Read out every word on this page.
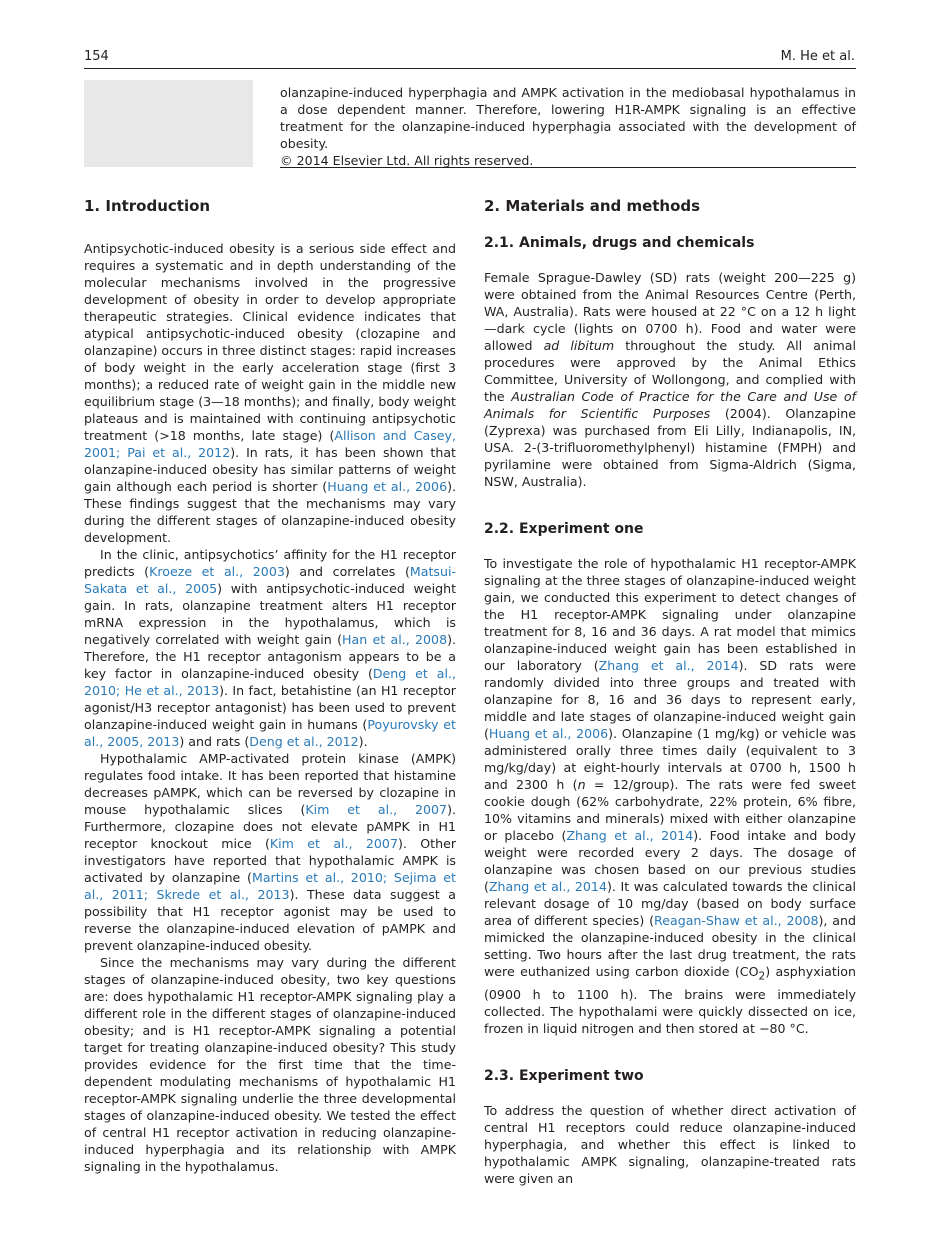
154	M. He et al.

olanzapine-induced hyperphagia and AMPK activation in the mediobasal hypothalamus in a dose dependent manner. Therefore, lowering H1R-AMPK signaling is an effective treatment for the olanzapine-induced hyperphagia associated with the development of obesity.

© 2014 Elsevier Ltd. All rights reserved.

1. Introduction

Antipsychotic-induced obesity is a serious side effect and requires a systematic and in depth understanding of the molecular mechanisms involved in the progressive development of obesity in order to develop appropriate therapeutic strategies. Clinical evidence indicates that atypical antipsychotic-induced obesity (clozapine and olanzapine) occurs in three distinct stages: rapid increases of body weight in the early acceleration stage (first 3 months); a reduced rate of weight gain in the middle new equilibrium stage (3—18 months); and finally, body weight plateaus and is maintained with continuing antipsychotic treatment (>18 months, late stage) (Allison and Casey, 2001; Pai et al., 2012). In rats, it has been shown that olanzapine-induced obesity has similar patterns of weight gain although each period is shorter (Huang et al., 2006). These findings suggest that the mechanisms may vary during the different stages of olanzapine-induced obesity development.

In the clinic, antipsychotics’ affinity for the H1 receptor predicts (Kroeze et al., 2003) and correlates (Matsui-Sakata et al., 2005) with antipsychotic-induced weight gain. In rats, olanzapine treatment alters H1 receptor mRNA expression in the hypothalamus, which is negatively correlated with weight gain (Han et al., 2008). Therefore, the H1 receptor antagonism appears to be a key factor in olanzapine-induced obesity (Deng et al., 2010; He et al., 2013). In fact, betahistine (an H1 receptor agonist/H3 receptor antagonist) has been used to prevent olanzapine-induced weight gain in humans (Poyurovsky et al., 2005, 2013) and rats (Deng et al., 2012).

Hypothalamic AMP-activated protein kinase (AMPK) regulates food intake. It has been reported that histamine decreases pAMPK, which can be reversed by clozapine in mouse hypothalamic slices (Kim et al., 2007). Furthermore, clozapine does not elevate pAMPK in H1 receptor knockout mice (Kim et al., 2007). Other investigators have reported that hypothalamic AMPK is activated by olanzapine (Martins et al., 2010; Sejima et al., 2011; Skrede et al., 2013). These data suggest a possibility that H1 receptor agonist may be used to reverse the olanzapine-induced elevation of pAMPK and prevent olanzapine-induced obesity.

Since the mechanisms may vary during the different stages of olanzapine-induced obesity, two key questions are: does hypothalamic H1 receptor-AMPK signaling play a different role in the different stages of olanzapine-induced obesity; and is H1 receptor-AMPK signaling a potential target for treating olanzapine-induced obesity? This study provides evidence for the first time that the time-dependent modulating mechanisms of hypothalamic H1 receptor-AMPK signaling underlie the three developmental stages of olanzapine-induced obesity. We tested the effect of central H1 receptor activation in reducing olanzapine-induced hyperphagia and its relationship with AMPK signaling in the hypothalamus.

2. Materials and methods
2.1. Animals, drugs and chemicals

Female Sprague-Dawley (SD) rats (weight 200—225 g) were obtained from the Animal Resources Centre (Perth, WA, Australia). Rats were housed at 22 °C on a 12 h light—dark cycle (lights on 0700 h). Food and water were allowed ad libitum throughout the study. All animal procedures were approved by the Animal Ethics Committee, University of Wollongong, and complied with the Australian Code of Practice for the Care and Use of Animals for Scientific Purposes (2004). Olanzapine (Zyprexa) was purchased from Eli Lilly, Indianapolis, IN, USA. 2-(3-trifluoromethylphenyl) histamine (FMPH) and pyrilamine were obtained from Sigma-Aldrich (Sigma, NSW, Australia).

2.2. Experiment one

To investigate the role of hypothalamic H1 receptor-AMPK signaling at the three stages of olanzapine-induced weight gain, we conducted this experiment to detect changes of the H1 receptor-AMPK signaling under olanzapine treatment for 8, 16 and 36 days. A rat model that mimics olanzapine-induced weight gain has been established in our laboratory (Zhang et al., 2014). SD rats were randomly divided into three groups and treated with olanzapine for 8, 16 and 36 days to represent early, middle and late stages of olanzapine-induced weight gain (Huang et al., 2006). Olanzapine (1 mg/kg) or vehicle was administered orally three times daily (equivalent to 3 mg/kg/day) at eight-hourly intervals at 0700 h, 1500 h and 2300 h (n = 12/group). The rats were fed sweet cookie dough (62% carbohydrate, 22% protein, 6% fibre, 10% vitamins and minerals) mixed with either olanzapine or placebo (Zhang et al., 2014). Food intake and body weight were recorded every 2 days. The dosage of olanzapine was chosen based on our previous studies (Zhang et al., 2014). It was calculated towards the clinical relevant dosage of 10 mg/day (based on body surface area of different species) (Reagan-Shaw et al., 2008), and mimicked the olanzapine-induced obesity in the clinical setting. Two hours after the last drug treatment, the rats were euthanized using carbon dioxide $(CO_2)$ asphyxiation (0900 h to 1100 h). The brains were immediately collected. The hypothalami were quickly dissected on ice, frozen in liquid nitrogen and then stored at −80 °C.

2.3. Experiment two

To address the question of whether direct activation of central H1 receptors could reduce olanzapine-induced hyperphagia, and whether this effect is linked to hypothalamic AMPK signaling, olanzapine-treated rats were given an
